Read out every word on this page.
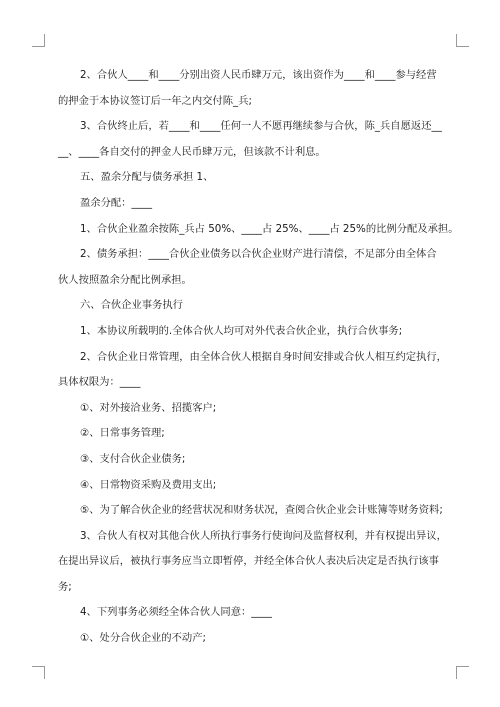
2、合伙人____和____分别出资人民币肆万元，该出资作为____和____参与经营
的押金于本协议签订后一年之内交付陈_兵;

3、合伙终止后，若____和____任何一人不愿再继续参与合伙，陈_兵自愿返还__
__、____各自交付的押金人民币肆万元，但该款不计利息。

五、盈余分配与债务承担 1、

盈余分配：____

1、合伙企业盈余按陈_兵占 50%、____占 25%、____占 25%的比例分配及承担。

2、债务承担：____合伙企业债务以合伙企业财产进行清偿，不足部分由全体合
伙人按照盈余分配比例承担。

六、合伙企业事务执行

1、本协议所载明的.全体合伙人均可对外代表合伙企业，执行合伙事务;

2、合伙企业日常管理，由全体合伙人根据自身时间安排或合伙人相互约定执行，
具体权限为：____

①、对外接洽业务、招揽客户;

②、日常事务管理;

③、支付合伙企业债务;

④、日常物资采购及费用支出;

⑤、为了解合伙企业的经营状况和财务状况，查阅合伙企业会计账簿等财务资料;

3、合伙人有权对其他合伙人所执行事务行使询问及监督权利，并有权提出异议，
在提出异议后，被执行事务应当立即暂停，并经全体合伙人表决后决定是否执行该事
务;

4、下列事务必须经全体合伙人同意：____

①、处分合伙企业的不动产;
